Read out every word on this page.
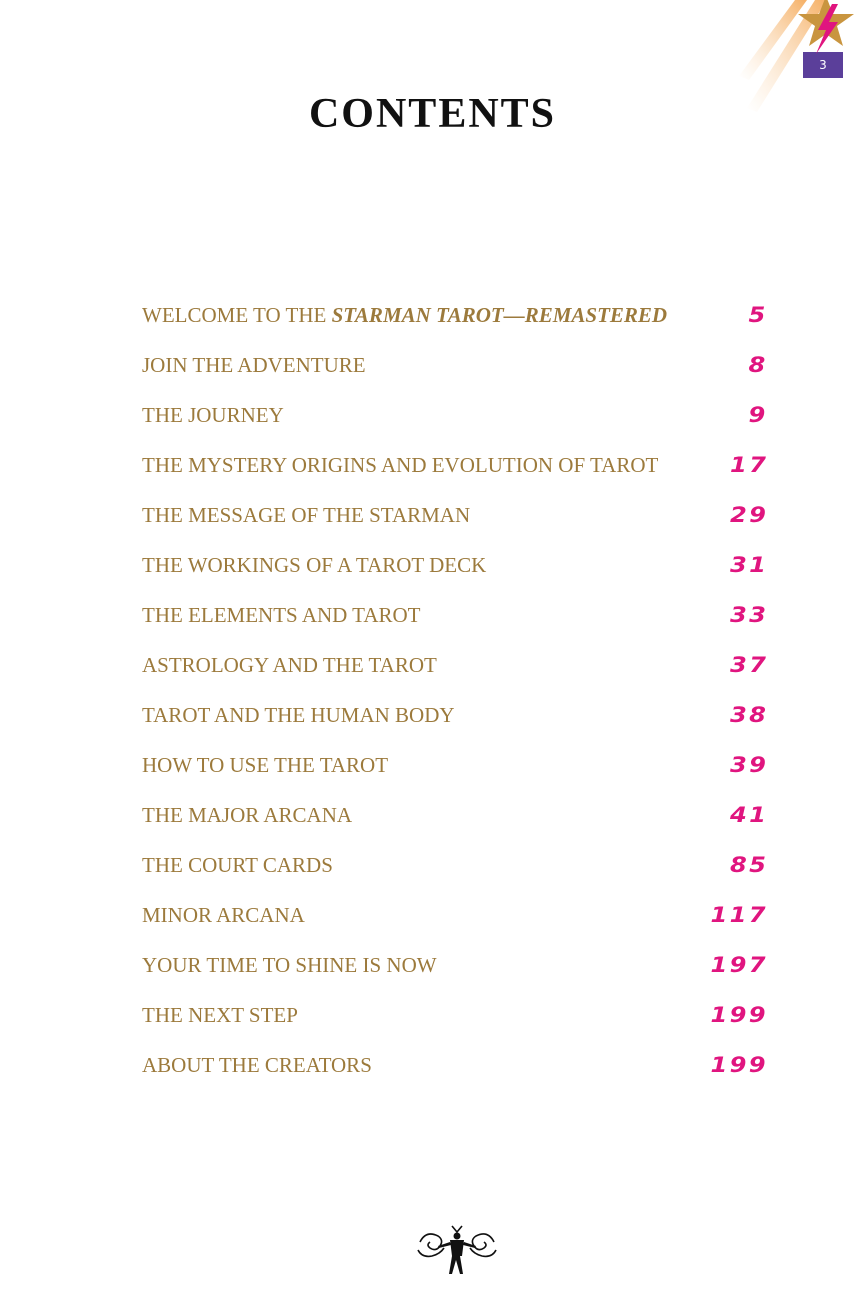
3
CONTENTS
WELCOME TO THE STARMAN TAROT—REMASTERED	5
JOIN THE ADVENTURE	8
THE JOURNEY	9
THE MYSTERY ORIGINS AND EVOLUTION OF TAROT	17
THE MESSAGE OF THE STARMAN	29
THE WORKINGS OF A TAROT DECK	31
THE ELEMENTS AND TAROT	33
ASTROLOGY AND THE TAROT	37
TAROT AND THE HUMAN BODY	38
HOW TO USE THE TAROT	39
THE MAJOR ARCANA	41
THE COURT CARDS	85
MINOR ARCANA	117
YOUR TIME TO SHINE IS NOW	197
THE NEXT STEP	199
ABOUT THE CREATORS	199
